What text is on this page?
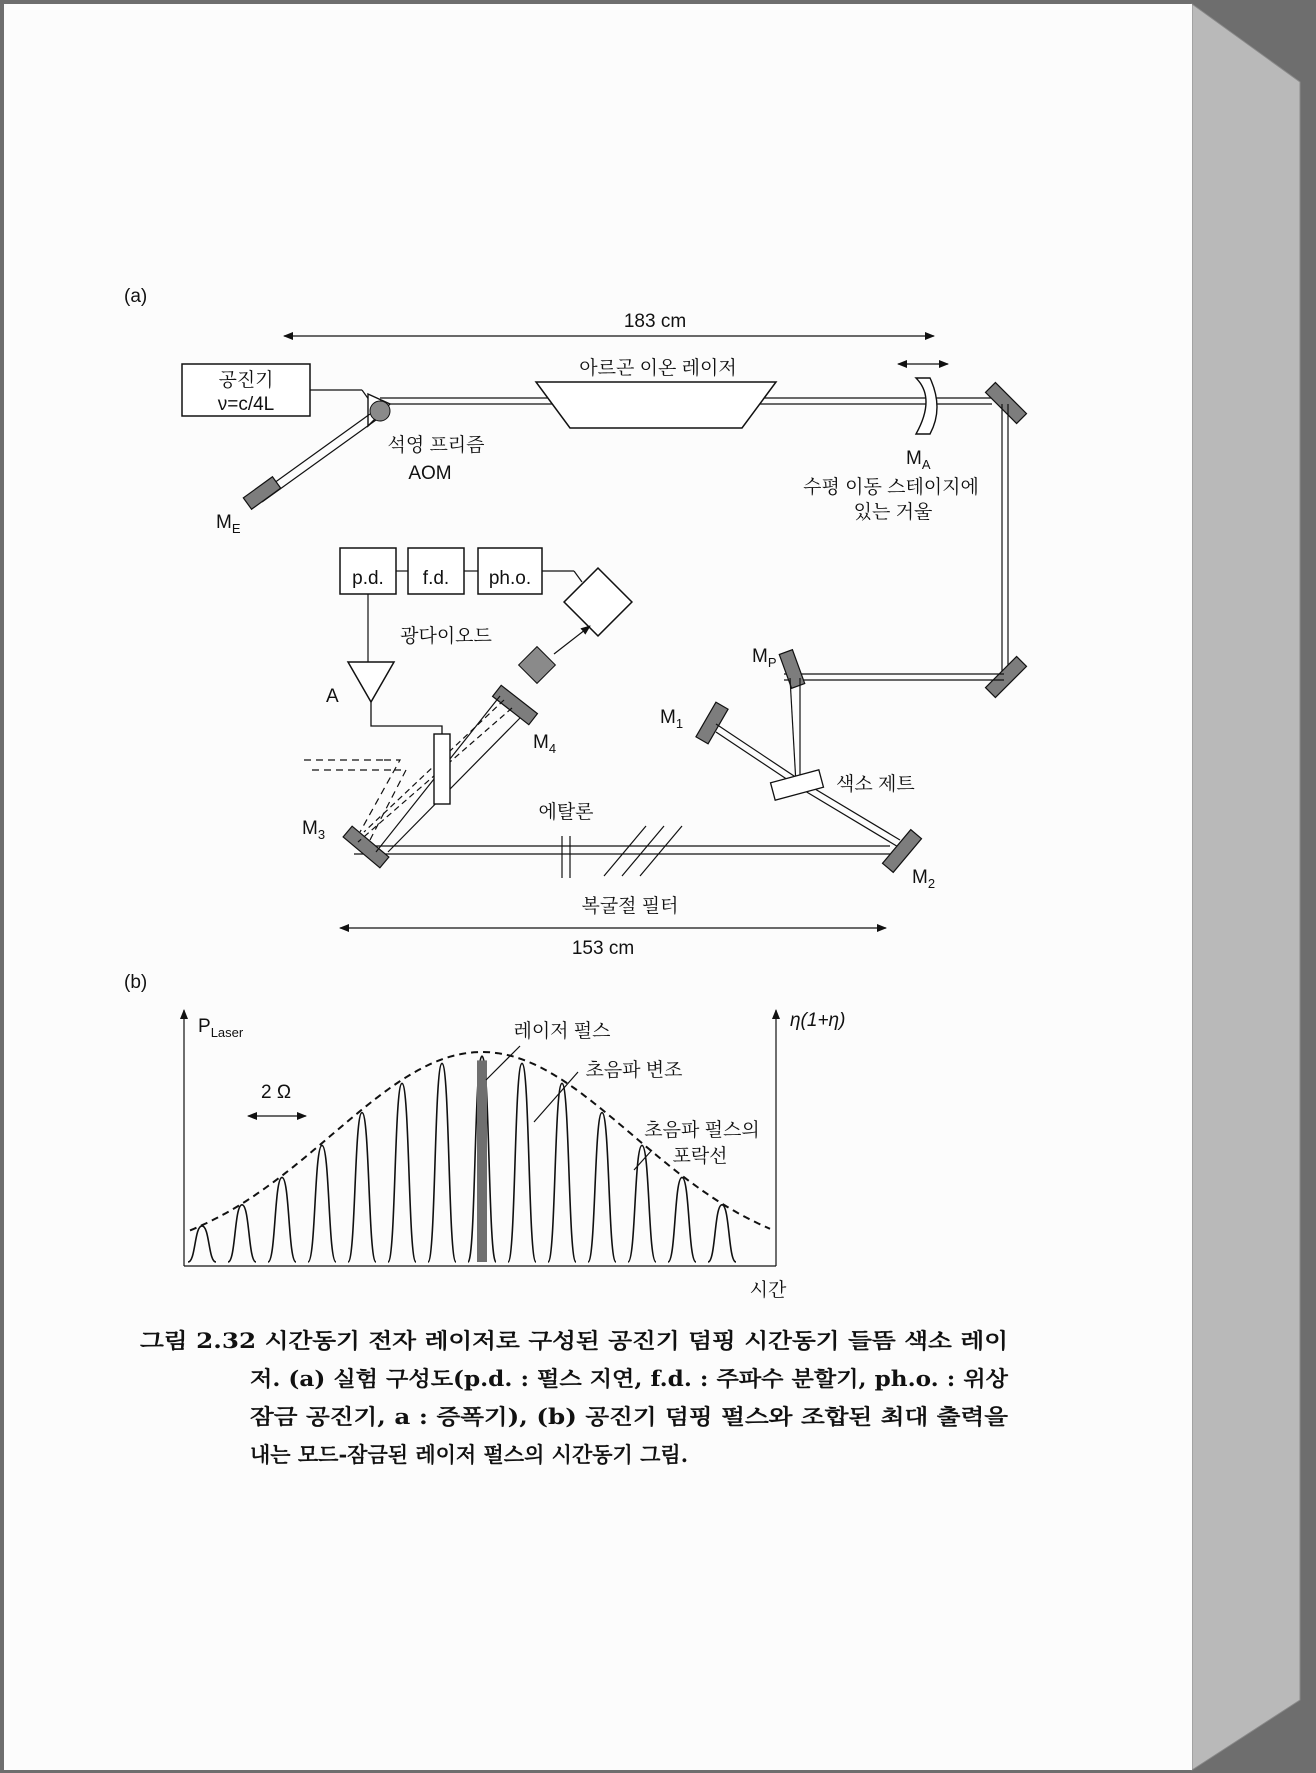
(a)
183 cm
공진기
ν=c/4L
석영 프리즘
AOM
$M_E$
아르곤 이온 레이저
$M_A$
수평 이동 스테이지에
있는 거울
$M_P$
$M_1$
색소 제트
$M_2$
에탈론
복굴절 필터
$M_3$
$M_4$
p.d. f.d. ph.o.
광다이오드
A
153 cm
(b)
$P_{Laser}$
η(1+η)
2 Ω
레이저 펄스
초음파 변조
초음파 펄스의
포락선
시간
그림 2.32 시간동기 전자 레이저로 구성된 공진기 덤핑 시간동기 들뜸 색소 레이
저. (a) 실험 구성도(p.d. : 펄스 지연, f.d. : 주파수 분할기, ph.o. : 위상
잠금 공진기, a : 증폭기), (b) 공진기 덤핑 펄스와 조합된 최대 출력을
내는 모드-잠금된 레이저 펄스의 시간동기 그림.
